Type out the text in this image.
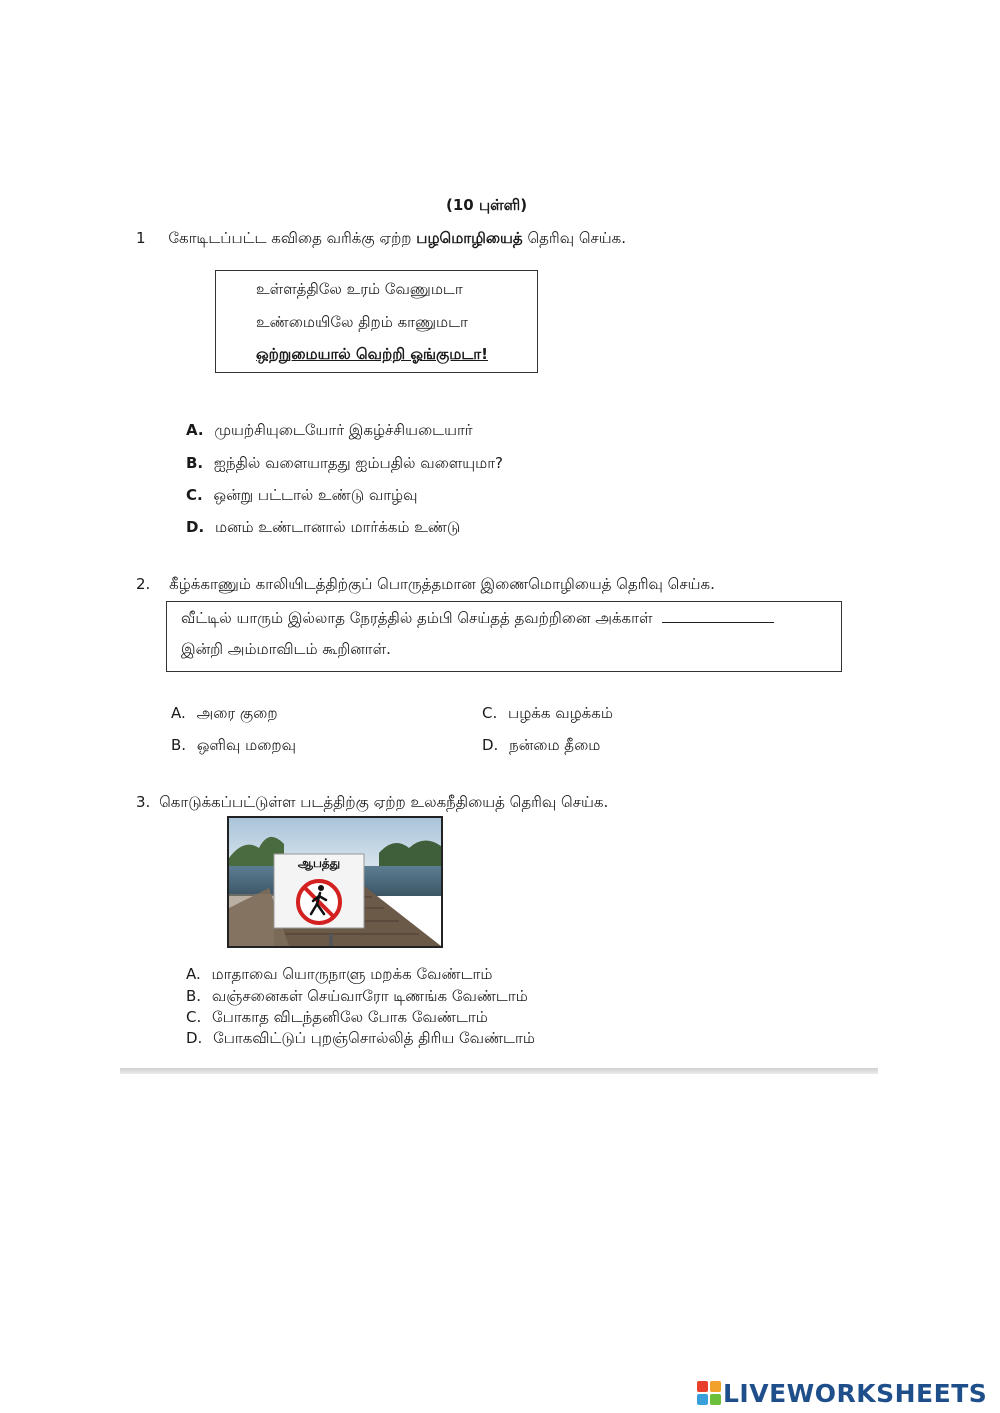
(10 புள்ளி)
1 கோடிடப்பட்ட கவிதை வரிக்கு ஏற்ற பழமொழியைத் தெரிவு செய்க.
உள்ளத்திலே உரம் வேணுமடா
உண்மையிலே திறம் காணுமடா
ஒற்றுமையால் வெற்றி ஓங்குமடா!
A. முயற்சியுடையோர் இகழ்ச்சியடையார்
B. ஐந்தில் வளையாதது ஐம்பதில் வளையுமா?
C. ஒன்று பட்டால் உண்டு வாழ்வு
D. மனம் உண்டானால் மார்க்கம் உண்டு
2. கீழ்க்காணும் காலியிடத்திற்குப் பொருத்தமான இணைமொழியைத் தெரிவு செய்க.
வீட்டில் யாரும் இல்லாத நேரத்தில் தம்பி செய்தத் தவற்றினை அக்காள்
இன்றி அம்மாவிடம் கூறினாள்.
A. அரை குறை
B. ஒளிவு மறைவு
C. பழக்க வழக்கம்
D. நன்மை தீமை
3. கொடுக்கப்பட்டுள்ள படத்திற்கு ஏற்ற உலகநீதியைத் தெரிவு செய்க.
ஆபத்து
A. மாதாவை யொருநாளு மறக்க வேண்டாம்
B. வஞ்சனைகள் செய்வாரோ டிணங்க வேண்டாம்
C. போகாத விடந்தனிலே போக வேண்டாம்
D. போகவிட்டுப் புறஞ்சொல்லித் திரிய வேண்டாம்
LIVEWORKSHEETS
